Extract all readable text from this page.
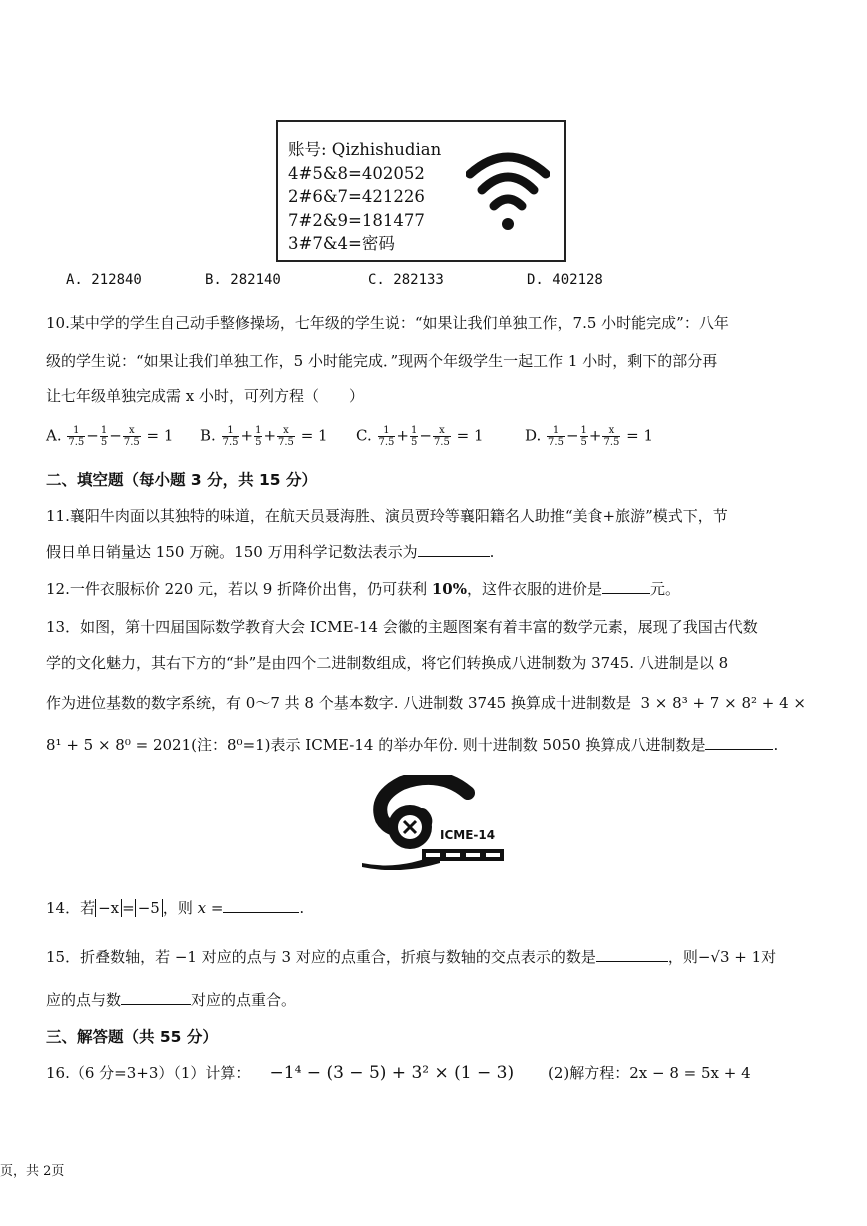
账号: Qizhishudian
4#5&8=402052
2#6&7=421226
7#2&9=181477
3#7&4=密码
A. 212840	B. 282140	C. 282133	D. 402128
10.某中学的学生自己动手整修操场，七年级的学生说：“如果让我们单独工作，7.5 小时能完成”：八年
级的学生说：“如果让我们单独工作，5 小时能完成．”现两个年级学生一起工作 1 小时，剩下的部分再
让七年级单独完成需 x 小时，可列方程（　　）
A. $\frac{1}{7.5} - \frac{1}{5} - \frac{x}{7.5} = 1$ B. $\frac{1}{7.5} + \frac{1}{5} + \frac{x}{7.5} = 1$ C. $\frac{1}{7.5} + \frac{1}{5} - \frac{x}{7.5} = 1$	D. $\frac{1}{7.5} - \frac{1}{5} + \frac{x}{7.5} = 1$
二、填空题（每小题 3 分，共 15 分）
11.襄阳牛肉面以其独特的味道，在航天员聂海胜、演员贾玲等襄阳籍名人助推“美食+旅游”模式下，节
假日单日销量达 150 万碗。150 万用科学记数法表示为	.
12.一件衣服标价 220 元，若以 9 折降价出售，仍可获利 10%，这件衣服的进价是	元。
13．如图，第十四届国际数学教育大会 ICME-14 会徽的主题图案有着丰富的数学元素，展现了我国古代数
学的文化魅力，其右下方的“卦”是由四个二进制数组成，将它们转换成八进制数为 3745. 八进制是以 8
作为进位基数的数字系统，有 0～7 共 8 个基本数字. 八进制数 3745 换算成十进制数是 3 × 8³ + 7 × 8² + 4 ×
8¹ + 5 × 8⁰ = 2021(注：8⁰=1)表示 ICME-14 的举办年份. 则十进制数 5050 换算成八进制数是	.
ICME-14
14．若 −x = −5 ，则 x =	.
15．折叠数轴，若 −1 对应的点与 3 对应的点重合，折痕与数轴的交点表示的数是	，则−√3 + 1对
应的点与数	对应的点重合。
三、解答题（共 55 分）
16.（6 分=3+3）（1）计算： −1⁴ − (3 − 5) + 3² × (1 − 3) (2)解方程：2x − 8 = 5x + 4
页，共 2页
